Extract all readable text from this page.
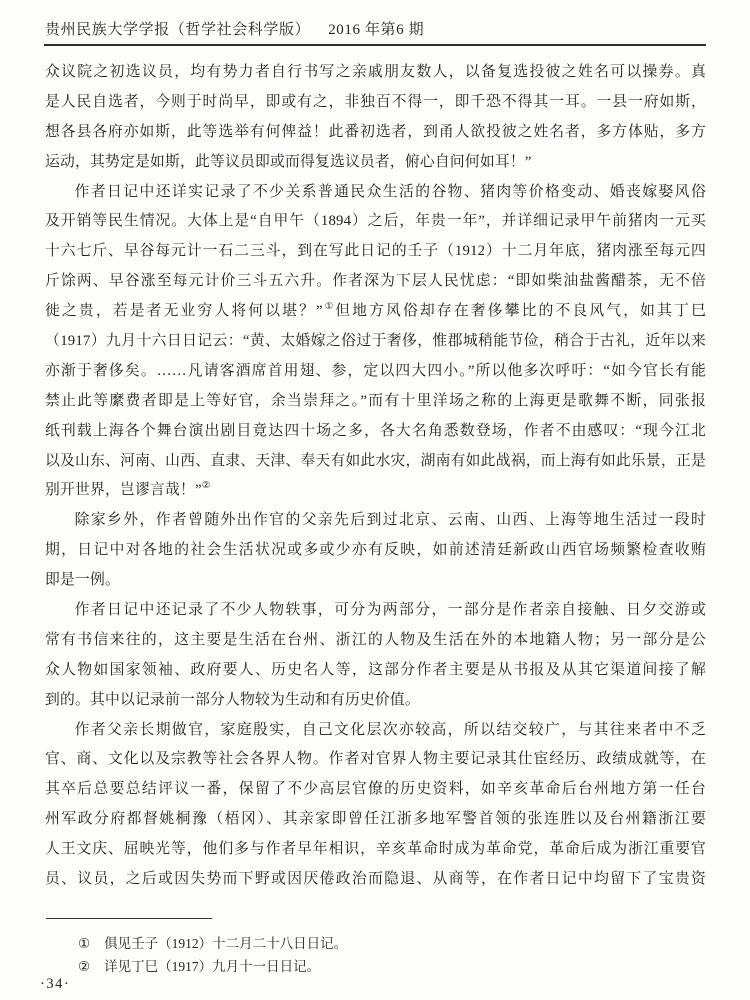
贵州民族大学学报（哲学社会科学版） 2016 年第6 期
众议院之初选议员，均有势力者自行书写之亲戚朋友数人，以备复选投彼之姓名可以操券。真
是人民自选者，今则于时尚早，即或有之，非独百不得一，即千恐不得其一耳。一县一府如斯，
想各县各府亦如斯，此等选举有何俾益！此番初选者，到甬人欲投彼之姓名者，多方体贴，多方
运动，其势定是如斯，此等议员即或而得复选议员者，俯心自问何如耳！”
作者日记中还详实记录了不少关系普通民众生活的谷物、猪肉等价格变动、婚丧嫁娶风俗
及开销等民生情况。大体上是“自甲午（1894）之后，年贵一年”，并详细记录甲午前猪肉一元买
十六七斤、早谷每元计一石二三斗，到在写此日记的壬子（1912）十二月年底，猪肉涨至每元四
斤馀两、早谷涨至每元计价三斗五六升。作者深为下层人民忧虑：“即如柴油盐酱醋茶，无不倍
徙之贵，若是者无业穷人将何以堪？”①但地方风俗却存在奢侈攀比的不良风气，如其丁巳
（1917）九月十六日日记云：“黄、太婚嫁之俗过于奢侈，惟郡城稍能节俭，稍合于古礼，近年以来
亦渐于奢侈矣。……凡请客酒席首用翅、参，定以四大四小。”所以他多次呼吁：“如今官长有能
禁止此等縻费者即是上等好官，余当崇拜之。”而有十里洋场之称的上海更是歌舞不断，同张报
纸刊载上海各个舞台演出剧目竟达四十场之多，各大名角悉数登场，作者不由感叹：“现今江北
以及山东、河南、山西、直隶、天津、奉天有如此水灾，湖南有如此战祸，而上海有如此乐景，正是
别开世界，岂谬言哉！”②
除家乡外，作者曾随外出作官的父亲先后到过北京、云南、山西、上海等地生活过一段时
期，日记中对各地的社会生活状况或多或少亦有反映，如前述清廷新政山西官场频繁检查收贿
即是一例。
作者日记中还记录了不少人物轶事，可分为两部分，一部分是作者亲自接触、日夕交游或
常有书信来往的，这主要是生活在台州、浙江的人物及生活在外的本地籍人物；另一部分是公
众人物如国家领袖、政府要人、历史名人等，这部分作者主要是从书报及从其它渠道间接了解
到的。其中以记录前一部分人物较为生动和有历史价值。
作者父亲长期做官，家庭殷实，自己文化层次亦较高，所以结交较广，与其往来者中不乏
官、商、文化以及宗教等社会各界人物。作者对官界人物主要记录其仕宦经历、政绩成就等，在
其卒后总要总结评议一番，保留了不少高层官僚的历史资料，如辛亥革命后台州地方第一任台
州军政分府都督姚桐豫（梧冈）、其亲家即曾任江浙多地军警首领的张连胜以及台州籍浙江要
人王文庆、屈映光等，他们多与作者早年相识，辛亥革命时成为革命党，革命后成为浙江重要官
员、议员，之后或因失势而下野或因厌倦政治而隐退、从商等，在作者日记中均留下了宝贵资
① 俱见壬子（1912）十二月二十八日日记。
② 详见丁巳（1917）九月十一日日记。
·34·
